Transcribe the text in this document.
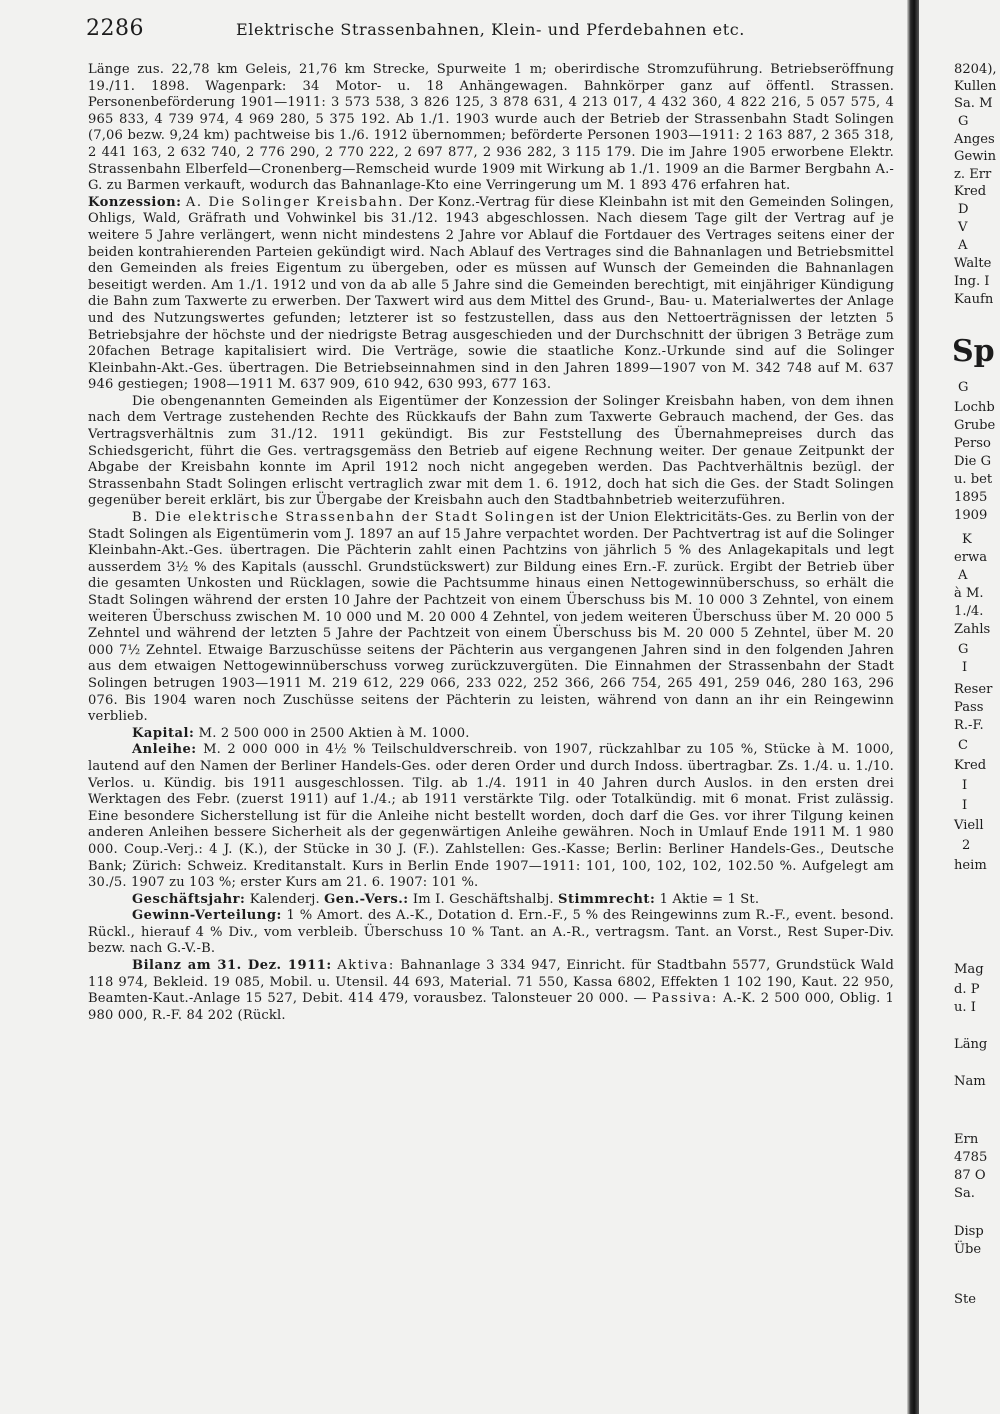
2286	Elektrische Strassenbahnen, Klein- und Pferdebahnen etc.

Länge zus. 22,78 km Geleis, 21,76 km Strecke, Spurweite 1 m; oberirdische Stromzuführung. Betriebseröffnung 19./11. 1898. Wagenpark: 34 Motor- u. 18 Anhängewagen. Bahnkörper ganz auf öffentl. Strassen. Personenbeförderung 1901—1911: 3 573 538, 3 826 125, 3 878 631, 4 213 017, 4 432 360, 4 822 216, 5 057 575, 4 965 833, 4 739 974, 4 969 280, 5 375 192. Ab 1./1. 1903 wurde auch der Betrieb der Strassenbahn Stadt Solingen (7,06 bezw. 9,24 km) pachtweise bis 1./6. 1912 übernommen; beförderte Personen 1903—1911: 2 163 887, 2 365 318, 2 441 163, 2 632 740, 2 776 290, 2 770 222, 2 697 877, 2 936 282, 3 115 179. Die im Jahre 1905 erworbene Elektr. Strassenbahn Elberfeld—Cronenberg—Remscheid wurde 1909 mit Wirkung ab 1./1. 1909 an die Barmer Bergbahn A.-G. zu Barmen verkauft, wodurch das Bahnanlage-Kto eine Verringerung um M. 1 893 476 erfahren hat.

Konzession: A. Die Solinger Kreisbahn. Der Konz.-Vertrag für diese Kleinbahn ist mit den Gemeinden Solingen, Ohligs, Wald, Gräfrath und Vohwinkel bis 31./12. 1943 abgeschlossen. Nach diesem Tage gilt der Vertrag auf je weitere 5 Jahre verlängert, wenn nicht mindestens 2 Jahre vor Ablauf die Fortdauer des Vertrages seitens einer der beiden kontrahierenden Parteien gekündigt wird. Nach Ablauf des Vertrages sind die Bahnanlagen und Betriebsmittel den Gemeinden als freies Eigentum zu übergeben, oder es müssen auf Wunsch der Gemeinden die Bahnanlagen beseitigt werden. Am 1./1. 1912 und von da ab alle 5 Jahre sind die Gemeinden berechtigt, mit einjähriger Kündigung die Bahn zum Taxwerte zu erwerben. Der Taxwert wird aus dem Mittel des Grund-, Bau- u. Materialwertes der Anlage und des Nutzungswertes gefunden; letzterer ist so festzustellen, dass aus den Nettoerträgnissen der letzten 5 Betriebsjahre der höchste und der niedrigste Betrag ausgeschieden und der Durchschnitt der übrigen 3 Beträge zum 20fachen Betrage kapitalisiert wird. Die Verträge, sowie die staatliche Konz.-Urkunde sind auf die Solinger Kleinbahn-Akt.-Ges. übertragen. Die Betriebseinnahmen sind in den Jahren 1899—1907 von M. 342 748 auf M. 637 946 gestiegen; 1908—1911 M. 637 909, 610 942, 630 993, 677 163.

Die obengenannten Gemeinden als Eigentümer der Konzession der Solinger Kreisbahn haben, von dem ihnen nach dem Vertrage zustehenden Rechte des Rückkaufs der Bahn zum Taxwerte Gebrauch machend, der Ges. das Vertragsverhältnis zum 31./12. 1911 gekündigt. Bis zur Feststellung des Übernahmepreises durch das Schiedsgericht, führt die Ges. vertragsgemäss den Betrieb auf eigene Rechnung weiter. Der genaue Zeitpunkt der Abgabe der Kreisbahn konnte im April 1912 noch nicht angegeben werden. Das Pachtverhältnis bezügl. der Strassenbahn Stadt Solingen erlischt vertraglich zwar mit dem 1. 6. 1912, doch hat sich die Ges. der Stadt Solingen gegenüber bereit erklärt, bis zur Übergabe der Kreisbahn auch den Stadtbahnbetrieb weiterzuführen.

B. Die elektrische Strassenbahn der Stadt Solingen ist der Union Elektricitäts-Ges. zu Berlin von der Stadt Solingen als Eigentümerin vom J. 1897 an auf 15 Jahre verpachtet worden. Der Pachtvertrag ist auf die Solinger Kleinbahn-Akt.-Ges. übertragen. Die Pächterin zahlt einen Pachtzins von jährlich 5 % des Anlagekapitals und legt ausserdem 3½ % des Kapitals (ausschl. Grundstückswert) zur Bildung eines Ern.-F. zurück. Ergibt der Betrieb über die gesamten Unkosten und Rücklagen, sowie die Pachtsumme hinaus einen Nettogewinnüberschuss, so erhält die Stadt Solingen während der ersten 10 Jahre der Pachtzeit von einem Überschuss bis M. 10 000 3 Zehntel, von einem weiteren Überschuss zwischen M. 10 000 und M. 20 000 4 Zehntel, von jedem weiteren Überschuss über M. 20 000 5 Zehntel und während der letzten 5 Jahre der Pachtzeit von einem Überschuss bis M. 20 000 5 Zehntel, über M. 20 000 7½ Zehntel. Etwaige Barzuschüsse seitens der Pächterin aus vergangenen Jahren sind in den folgenden Jahren aus dem etwaigen Nettogewinnüberschuss vorweg zurückzuvergüten. Die Einnahmen der Strassenbahn der Stadt Solingen betrugen 1903—1911 M. 219 612, 229 066, 233 022, 252 366, 266 754, 265 491, 259 046, 280 163, 296 076. Bis 1904 waren noch Zuschüsse seitens der Pächterin zu leisten, während von dann an ihr ein Reingewinn verblieb.

Kapital: M. 2 500 000 in 2500 Aktien à M. 1000.

Anleihe: M. 2 000 000 in 4½ % Teilschuldverschreib. von 1907, rückzahlbar zu 105 %, Stücke à M. 1000, lautend auf den Namen der Berliner Handels-Ges. oder deren Order und durch Indoss. übertragbar. Zs. 1./4. u. 1./10. Verlos. u. Kündig. bis 1911 ausgeschlossen. Tilg. ab 1./4. 1911 in 40 Jahren durch Auslos. in den ersten drei Werktagen des Febr. (zuerst 1911) auf 1./4.; ab 1911 verstärkte Tilg. oder Totalkündig. mit 6 monat. Frist zulässig. Eine besondere Sicherstellung ist für die Anleihe nicht bestellt worden, doch darf die Ges. vor ihrer Tilgung keinen anderen Anleihen bessere Sicherheit als der gegenwärtigen Anleihe gewähren. Noch in Umlauf Ende 1911 M. 1 980 000. Coup.-Verj.: 4 J. (K.), der Stücke in 30 J. (F.). Zahlstellen: Ges.-Kasse; Berlin: Berliner Handels-Ges., Deutsche Bank; Zürich: Schweiz. Kreditanstalt. Kurs in Berlin Ende 1907—1911: 101, 100, 102, 102, 102.50 %. Aufgelegt am 30./5. 1907 zu 103 %; erster Kurs am 21. 6. 1907: 101 %.

Geschäftsjahr: Kalenderj. Gen.-Vers.: Im I. Geschäftshalbj. Stimmrecht: 1 Aktie = 1 St.

Gewinn-Verteilung: 1 % Amort. des A.-K., Dotation d. Ern.-F., 5 % des Reingewinns zum R.-F., event. besond. Rückl., hierauf 4 % Div., vom verbleib. Überschuss 10 % Tant. an A.-R., vertragsm. Tant. an Vorst., Rest Super-Div. bezw. nach G.-V.-B.

Bilanz am 31. Dez. 1911: Aktiva: Bahnanlage 3 334 947, Einricht. für Stadtbahn 5577, Grundstück Wald 118 974, Bekleid. 19 085, Mobil. u. Utensil. 44 693, Material. 71 550, Kassa 6802, Effekten 1 102 190, Kaut. 22 950, Beamten-Kaut.-Anlage 15 527, Debit. 414 479, vorausbez. Talonsteuer 20 000. — Passiva: A.-K. 2 500 000, Oblig. 1 980 000, R.-F. 84 202 (Rückl.

8204),
Kullen
Sa. M
G
Anges
Gewin
z. Err
Kred
D
V
A
Walte
Ing. I
Kaufn
Sp
G
Lochb
Grube
Perso
Die G
u. bet
1895
1909
K
erwa
A
à M.
1./4.
Zahls
G
I
Reser
Pass
R.-F.
C
Kred
I
I
Viell
2
heim
Mag
d. P
u. I
Läng
Nam
Ern
4785
87 O
Sa.
Disp
Übe
Ste
